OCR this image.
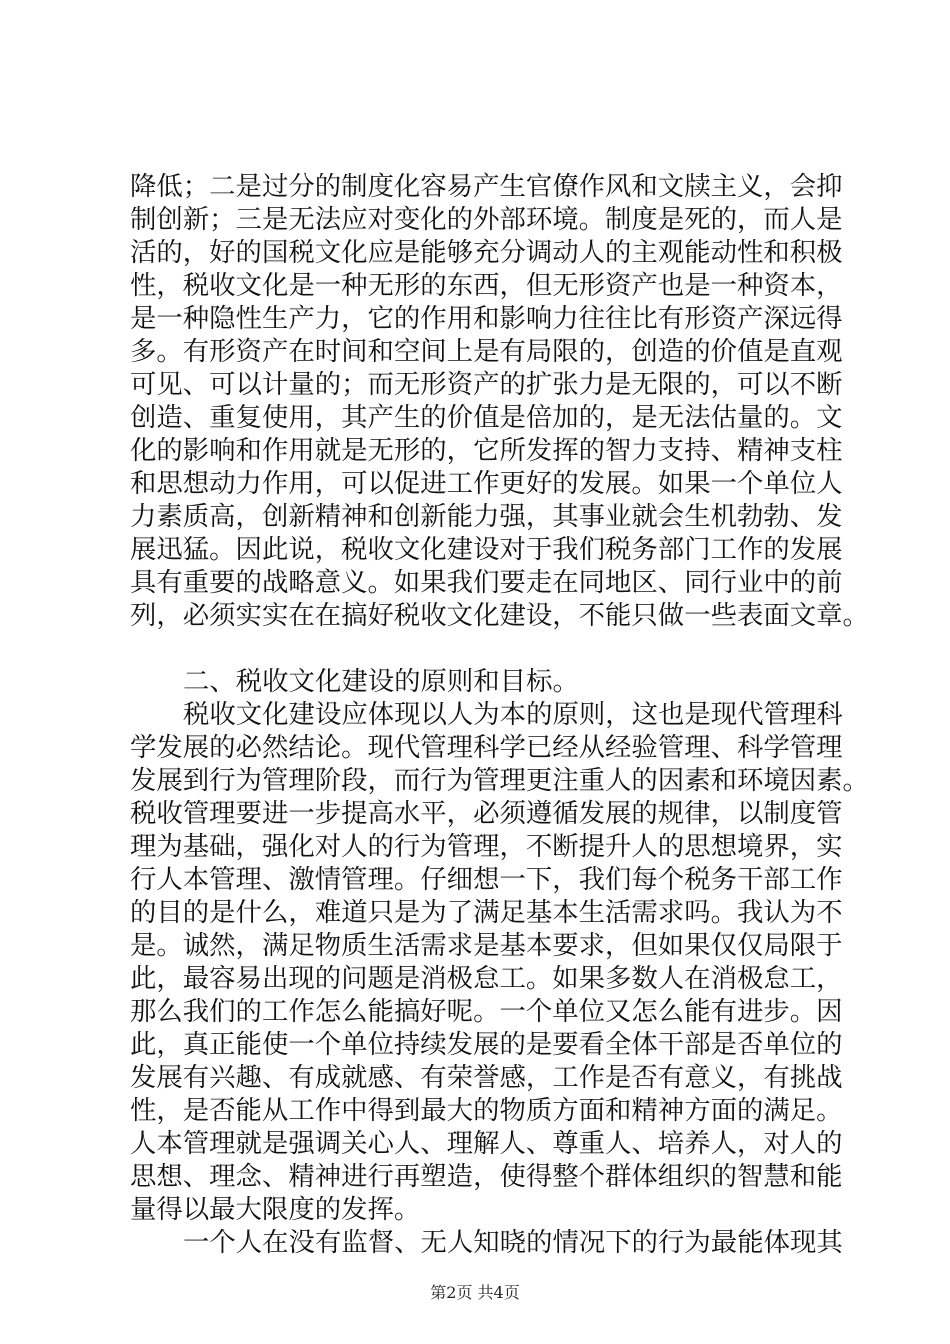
降低；二是过分的制度化容易产生官僚作风和文牍主义，会抑
制创新；三是无法应对变化的外部环境。制度是死的，而人是
活的，好的国税文化应是能够充分调动人的主观能动性和积极
性，税收文化是一种无形的东西，但无形资产也是一种资本，
是一种隐性生产力，它的作用和影响力往往比有形资产深远得
多。有形资产在时间和空间上是有局限的，创造的价值是直观
可见、可以计量的；而无形资产的扩张力是无限的，可以不断
创造、重复使用，其产生的价值是倍加的，是无法估量的。文
化的影响和作用就是无形的，它所发挥的智力支持、精神支柱
和思想动力作用，可以促进工作更好的发展。如果一个单位人
力素质高，创新精神和创新能力强，其事业就会生机勃勃、发
展迅猛。因此说，税收文化建设对于我们税务部门工作的发展
具有重要的战略意义。如果我们要走在同地区、同行业中的前
列，必须实实在在搞好税收文化建设，不能只做一些表面文章。
二、税收文化建设的原则和目标。
税收文化建设应体现以人为本的原则，这也是现代管理科
学发展的必然结论。现代管理科学已经从经验管理、科学管理
发展到行为管理阶段，而行为管理更注重人的因素和环境因素。
税收管理要进一步提高水平，必须遵循发展的规律，以制度管
理为基础，强化对人的行为管理，不断提升人的思想境界，实
行人本管理、激情管理。仔细想一下，我们每个税务干部工作
的目的是什么，难道只是为了满足基本生活需求吗。我认为不
是。诚然，满足物质生活需求是基本要求，但如果仅仅局限于
此，最容易出现的问题是消极怠工。如果多数人在消极怠工，
那么我们的工作怎么能搞好呢。一个单位又怎么能有进步。因
此，真正能使一个单位持续发展的是要看全体干部是否单位的
发展有兴趣、有成就感、有荣誉感，工作是否有意义，有挑战
性，是否能从工作中得到最大的物质方面和精神方面的满足。
人本管理就是强调关心人、理解人、尊重人、培养人，对人的
思想、理念、精神进行再塑造，使得整个群体组织的智慧和能
量得以最大限度的发挥。
一个人在没有监督、无人知晓的情况下的行为最能体现其
第2页 共4页
